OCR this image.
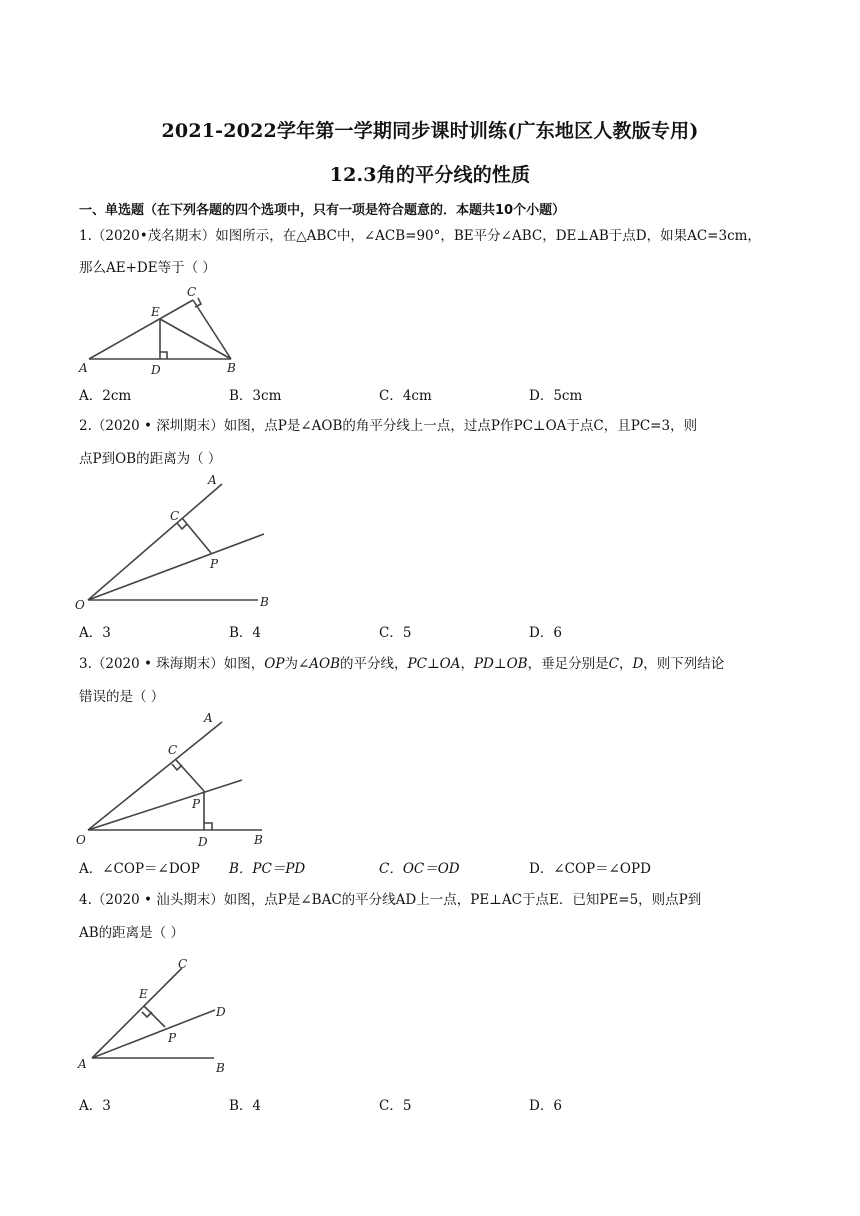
2021-2022学年第一学期同步课时训练(广东地区人教版专用)
12.3角的平分线的性质
一、单选题（在下列各题的四个选项中，只有一项是符合题意的．本题共10个小题）
1.（2020•茂名期末）如图所示，在△ABC中，∠ACB=90°，BE平分∠ABC，DE⊥AB于点D，如果AC=3cm，
那么AE+DE等于（ ）
A	B
C
D
E
A．2cm	B．3cm	C．4cm	D．5cm
2.（2020 • 深圳期末）如图，点P是∠AOB的角平分线上一点，过点P作PC⊥OA于点C，且PC=3，则
点P到OB的距离为（ ）
A
B
C
P
O
A．3	B．4	C．5	D．6
3.（2020 • 珠海期末）如图，OP为∠AOB的平分线，PC⊥OA，PD⊥OB，垂足分别是C，D，则下列结论
错误的是（ ）
A
B
C
D
P
O
A．∠COP＝∠DOP B．PC＝PD	C．OC＝OD	D．∠COP＝∠OPD
4.（2020 • 汕头期末）如图，点P是∠BAC的平分线AD上一点，PE⊥AC于点E．已知PE=5，则点P到
AB的距离是（ ）
C
D
E
P
A	B
A．3	B．4	C．5	D．6
